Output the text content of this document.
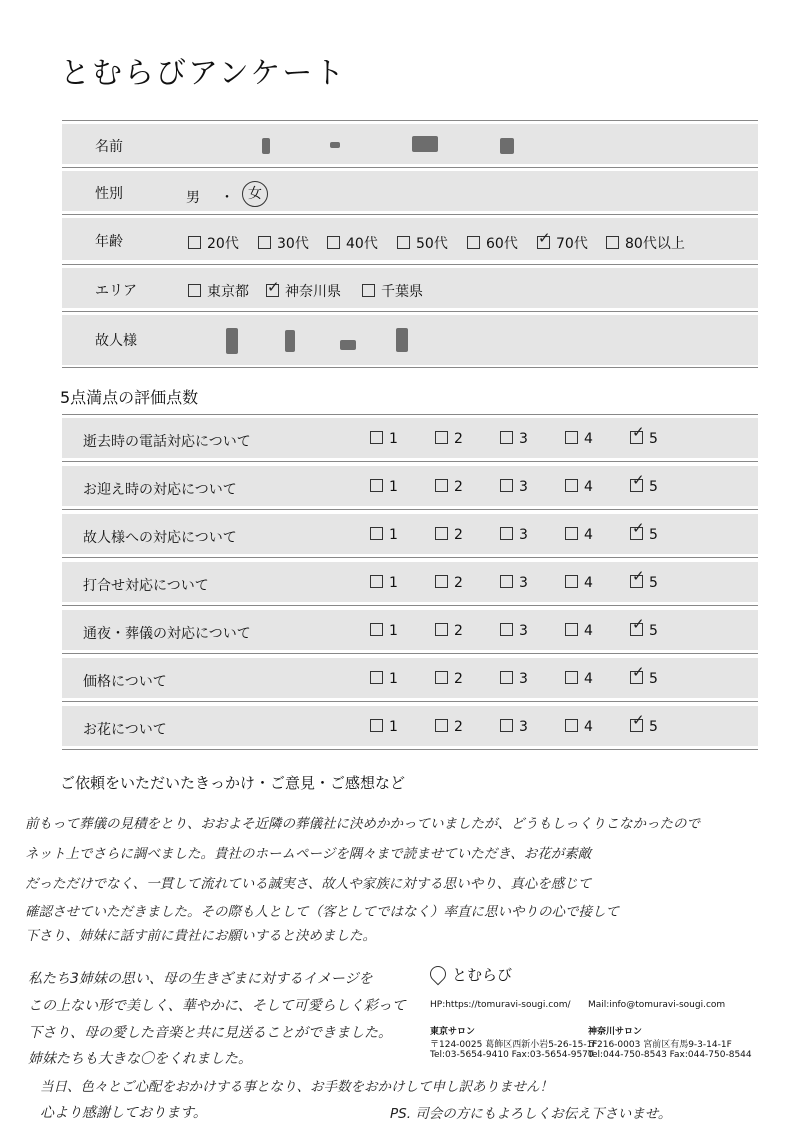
とむらびアンケート
名前
性別	男 ・	女
年齢	20代	30代	40代	50代	60代 ✓ 70代	80代以上
エリア	東京都 ✓ 神奈川県	千葉県
故人様
5点満点の評価点数
逝去時の電話対応について	1	2	3	4	✓ 5
お迎え時の対応について	1	2	3	4	✓ 5
故人様への対応について	1	2	3	4	✓ 5
打合せ対応について	1	2	3	4	✓ 5
通夜・葬儀の対応について	1	2	3	4	✓ 5
価格について	1	2	3	4	✓ 5
お花について	1	2	3	4	✓ 5
ご依頼をいただいたきっかけ・ご意見・ご感想など
前もって葬儀の見積をとり、おおよそ近隣の葬儀社に決めかかっていましたが、どうもしっくりこなかったので
ネット上でさらに調べました。貴社のホームページを隅々まで読ませていただき、お花が素敵
だっただけでなく、一貫して流れている誠実さ、故人や家族に対する思いやり、真心を感じて
確認させていただきました。その際も人として（客としてではなく）率直に思いやりの心で接して
下さり、姉妹に話す前に貴社にお願いすると決めました。
私たち3姉妹の思い、母の生きざまに対するイメージを
この上ない形で美しく、華やかに、そして可愛らしく彩って
下さり、母の愛した音楽と共に見送ることができました。
姉妹たちも大きな〇をくれました。
当日、色々とご心配をおかけする事となり、お手数をおかけして申し訳ありません！
心より感謝しております。	PS. 司会の方にもよろしくお伝え下さいませ。
とむらび
HP:https://tomuravi-sougi.com/ Mail:info@tomuravi-sougi.com
東京サロン
〒124-0025 葛飾区西新小岩5-26-15-1F
Tel:03-5654-9410 Fax:03-5654-9570
神奈川サロン
〒216-0003 宮前区有馬9-3-14-1F
Tel:044-750-8543 Fax:044-750-8544
